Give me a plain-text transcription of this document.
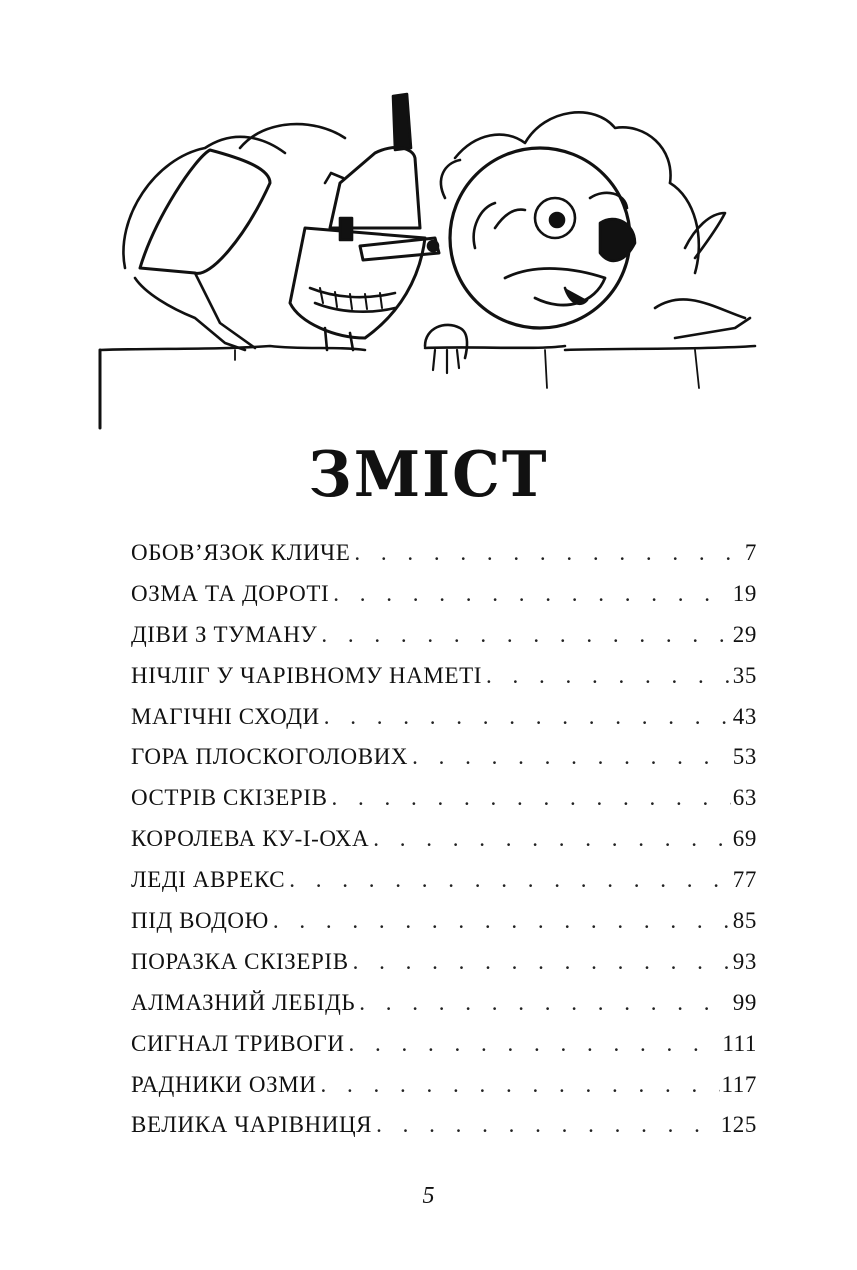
ЗМІСТ
ОБОВ’ЯЗОК КЛИЧЕ . . .	7
ОЗМА ТА ДОРОТІ . . .	19
ДІВИ З ТУМАНУ . . .	29
НІЧЛІГ У ЧАРІВНОМУ НАМЕТІ . . .	35
МАГІЧНІ СХОДИ . . .	43
ГОРА ПЛОСКОГОЛОВИХ . . .	53
ОСТРІВ СКІЗЕРІВ . . .	63
КОРОЛЕВА КУ-І-ОХА . . .	69
ЛЕДІ АВРЕКС . . .	77
ПІД ВОДОЮ . . .	85
ПОРАЗКА СКІЗЕРІВ . . .	93
АЛМАЗНИЙ ЛЕБІДЬ . . .	99
СИГНАЛ ТРИВОГИ . . .	111
РАДНИКИ ОЗМИ . . .	117
ВЕЛИКА ЧАРІВНИЦЯ . . .	125
5
